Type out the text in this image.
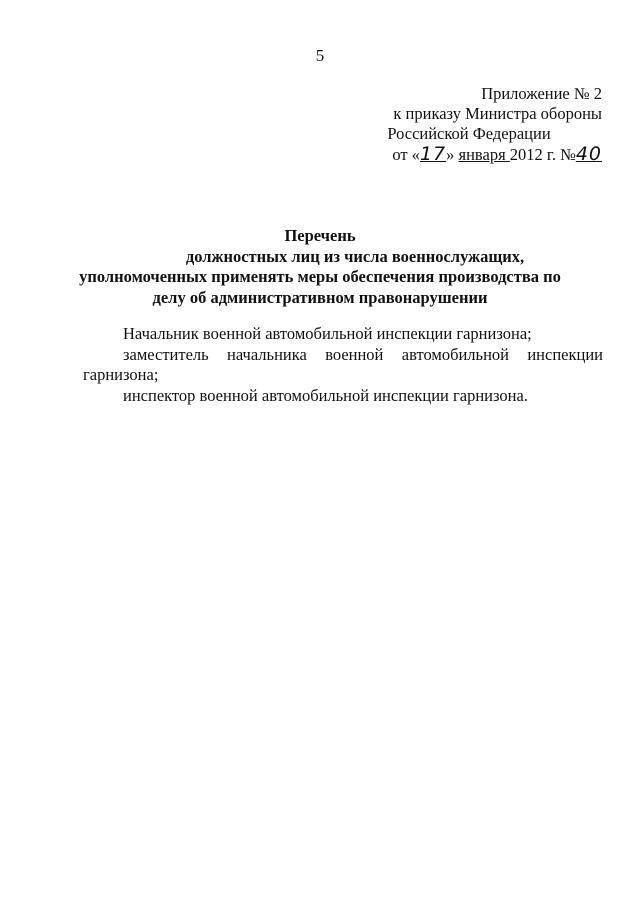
5
Приложение № 2
к приказу Министра обороны
Российской Федерации
от «17» января 2012 г. №40
Перечень
должностных лиц из числа военнослужащих,
уполномоченных применять меры обеспечения производства по
делу об административном правонарушении

Начальник военной автомобильной инспекции гарнизона;

заместитель начальника военной автомобильной инспекции

гарнизона;

инспектор военной автомобильной инспекции гарнизона.
